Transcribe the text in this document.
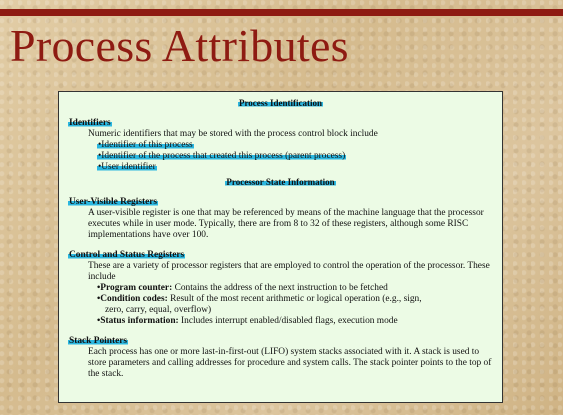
Process Attributes

Process Identification

Identifiers

Numeric identifiers that may be stored with the process control block include

•Identifier of this process
•Identifier of the process that created this process (parent process)
•User identifier

Processor State Information

User-Visible Registers

A user-visible register is one that may be referenced by means of the machine language that the processor executes while in user mode. Typically, there are from 8 to 32 of these registers, although some RISC implementations have over 100.

Control and Status Registers

These are a variety of processor registers that are employed to control the operation of the processor. These include

•Program counter: Contains the address of the next instruction to be fetched
•Condition codes: Result of the most recent arithmetic or logical operation (e.g., sign,
zero, carry, equal, overflow)
•Status information: Includes interrupt enabled/disabled flags, execution mode

Stack Pointers

Each process has one or more last-in-first-out (LIFO) system stacks associated with it. A stack is used to store parameters and calling addresses for procedure and system calls. The stack pointer points to the top of the stack.
